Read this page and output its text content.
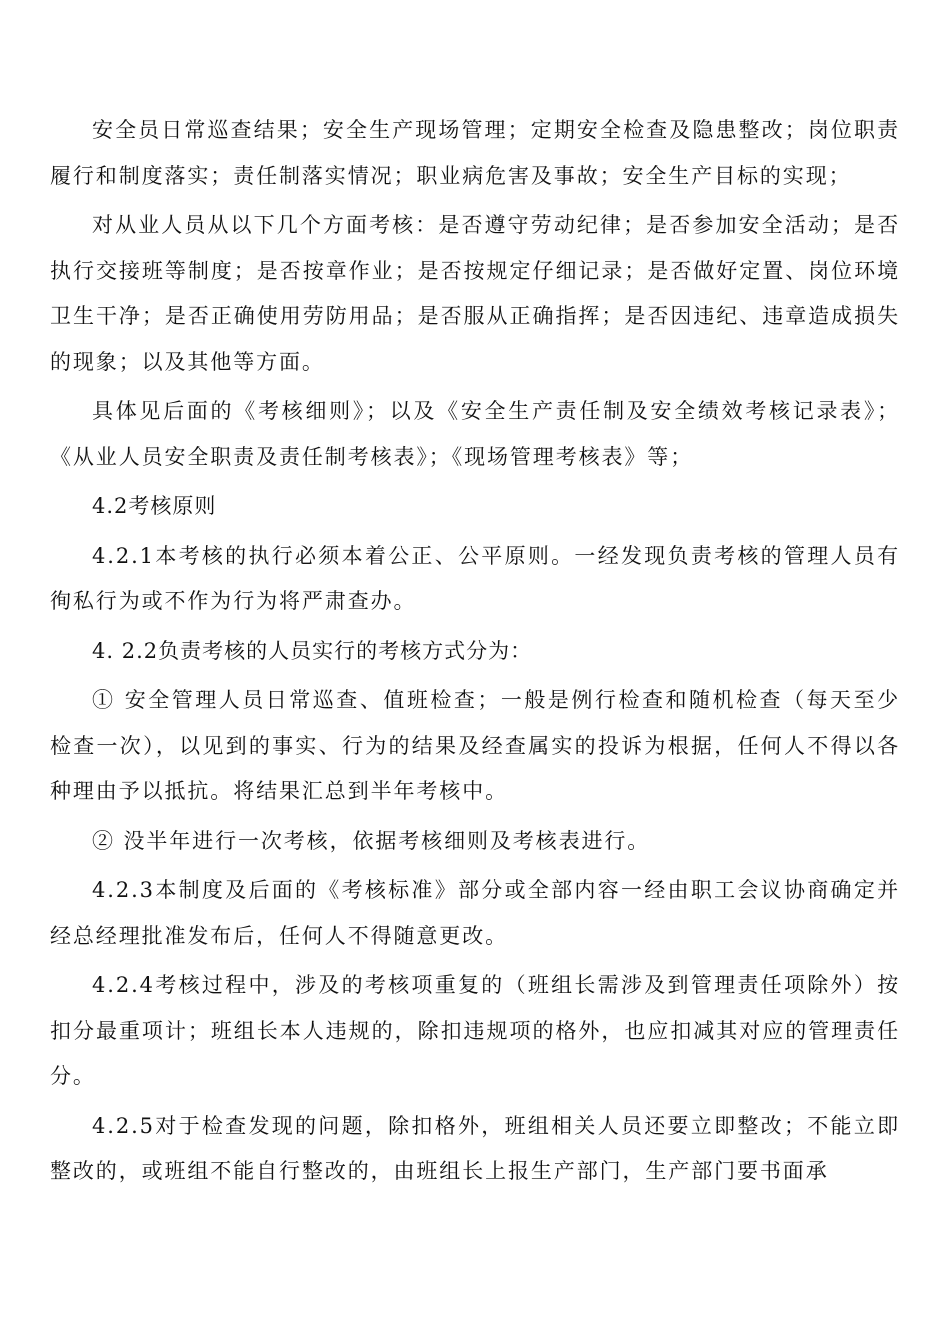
安全员日常巡查结果；安全生产现场管理；定期安全检查及隐患整改；岗位职责履行和制度落实；责任制落实情况；职业病危害及事故；安全生产目标的实现；

对从业人员从以下几个方面考核：是否遵守劳动纪律；是否参加安全活动；是否执行交接班等制度；是否按章作业；是否按规定仔细记录；是否做好定置、岗位环境卫生干净；是否正确使用劳防用品；是否服从正确指挥；是否因违纪、违章造成损失的现象；以及其他等方面。

具体见后面的《考核细则》；以及《安全生产责任制及安全绩效考核记录表》；《从业人员安全职责及责任制考核表》；《现场管理考核表》等；

4.2考核原则

4.2.1本考核的执行必须本着公正、公平原则。一经发现负责考核的管理人员有徇私行为或不作为行为将严肃查办。

4. 2.2负责考核的人员实行的考核方式分为：

① 安全管理人员日常巡查、值班检查；一般是例行检查和随机检查（每天至少检查一次），以见到的事实、行为的结果及经查属实的投诉为根据，任何人不得以各种理由予以抵抗。将结果汇总到半年考核中。

② 没半年进行一次考核，依据考核细则及考核表进行。

4.2.3本制度及后面的《考核标准》部分或全部内容一经由职工会议协商确定并经总经理批准发布后，任何人不得随意更改。

4.2.4考核过程中，涉及的考核项重复的（班组长需涉及到管理责任项除外）按扣分最重项计；班组长本人违规的，除扣违规项的格外，也应扣减其对应的管理责任分。

4.2.5对于检查发现的问题，除扣格外，班组相关人员还要立即整改；不能立即整改的，或班组不能自行整改的，由班组长上报生产部门，生产部门要书面承
